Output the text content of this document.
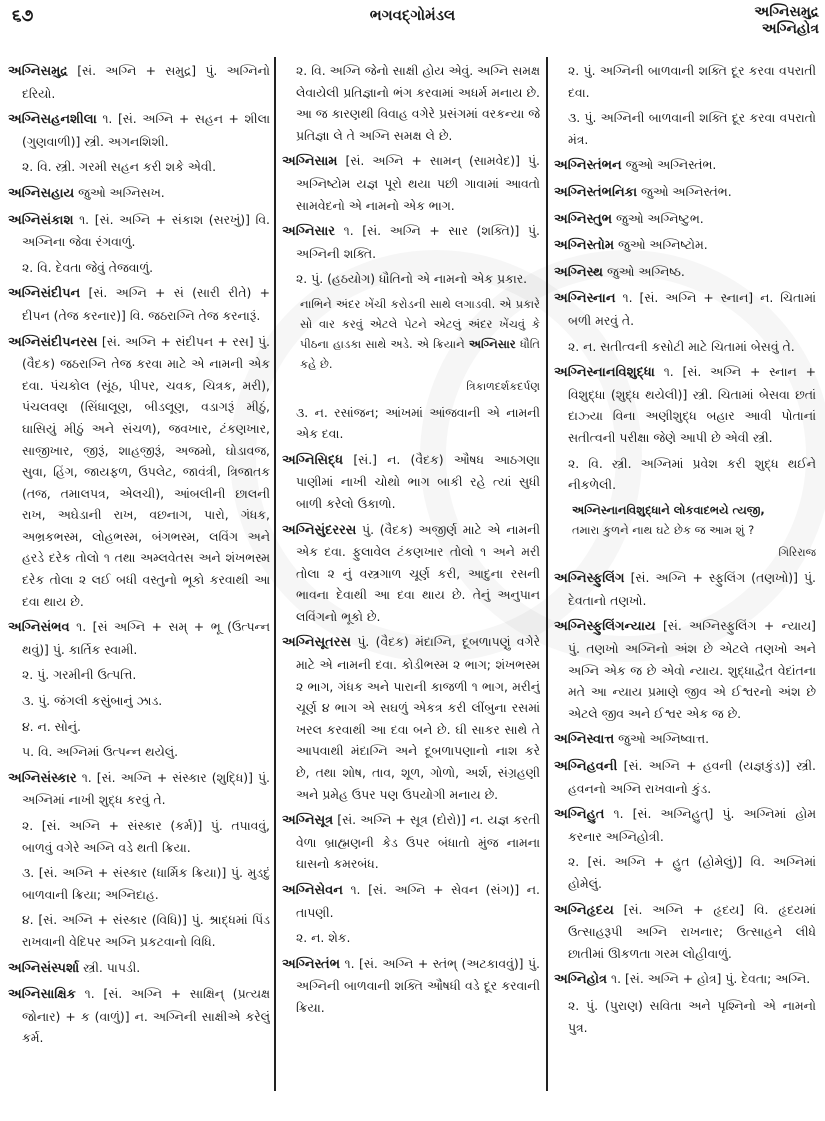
૬૭	ભગવદ્ગોમંડલ	અગ્નિસમુદ્ર
અગ્નિહોત્ર
અગ્નિસમુદ્ર [સં. અગ્નિ + સમુદ્ર] પું. અગ્નિનો દરિયો.
અગ્નિસહનશીલા ૧. [સં. અગ્નિ + સહન + શીલા (ગુણવાળી)] સ્ત્રી. અગનશિશી.
૨. વિ. સ્ત્રી. ગરમી સહન કરી શકે એવી.
અગ્નિસહાય જુઓ અગ્નિસખ.
અગ્નિસંકાશ ૧. [સં. અગ્નિ + સંકાશ (સરખું)] વિ. અગ્નિના જેવા રંગવાળું.
૨. વિ. દેવતા જેવું તેજવાળું.
અગ્નિસંદીપન [સં. અગ્નિ + સં (સારી રીતે) + દીપન (તેજ કરનાર)] વિ. જઠરાગ્નિ તેજ કરનારૂં.
અગ્નિસંદીપનરસ [સં. અગ્નિ + સંદીપન + રસ] પું. (વૈદક) જઠરાગ્નિ તેજ કરવા માટે એ નામની એક દવા. પંચકોલ (સૂંઠ, પીપર, ચવક, ચિત્રક, મરી), પંચલવણ (સિંધાલૂણ, બીડલૂણ, વડાગરૂં મીઠું, ઘાસિયું મીઠું અને સંચળ), જવખાર, ટંકણખાર, સાજીખાર, જીરૂં, શાહજીરૂં, અજમો, ઘોડાવજ, સુવા, હિંગ, જાયફળ, ઉપલેટ, જાવંત્રી, ત્રિજાતક (તજ, તમાલપત્ર, એલચી), આંબલીની છાલની રાખ, અઘેડાની રાખ, વછનાગ, પારો, ગંધક, અભ્રકભસ્મ, લોહભસ્મ, બંગભસ્મ, લવિંગ અને હરડે દરેક તોલો ૧ તથા અમ્લવેતસ અને શંખભસ્મ દરેક તોલા ૨ લઈ બધી વસ્તુનો ભૂકો કરવાથી આ દવા થાય છે.
અગ્નિસંભવ ૧. [સં અગ્નિ + સમ્ + ભૂ (ઉત્પન્ન થવું)] પું. કાર્તિક સ્વામી.
૨. પું. ગરમીની ઉત્પત્તિ.
૩. પું. જંગલી કસુંબાનું ઝાડ.
૪. ન. સોનું.
૫. વિ. અગ્નિમાં ઉત્પન્ન થયેલું.
અગ્નિસંસ્કાર ૧. [સં. અગ્નિ + સંસ્કાર (શુદ્ધિ)] પું. અગ્નિમાં નાખી શુદ્ધ કરવું તે.
૨. [સં. અગ્નિ + સંસ્કાર (કર્મ)] પું. તપાવવું, બાળવું વગેરે અગ્નિ વડે થતી ક્રિયા.
૩. [સં. અગ્નિ + સંસ્કાર (ધાર્મિક ક્રિયા)] પું. મુડદું બાળવાની ક્રિયા; અગ્નિદાહ.
૪. [સં. અગ્નિ + સંસ્કાર (વિધિ)] પું. શ્રાદ્ધમાં પિંડ રાખવાની વેદિપર અગ્નિ પ્રકટવાનો વિધિ.
અગ્નિસંસ્પર્શા સ્ત્રી. પાપડી.
અગ્નિસાક્ષિક ૧. [સં. અગ્નિ + સાક્ષિન્ (પ્રત્યક્ષ જોનાર) + ક (વાળું)] ન. અગ્નિની સાક્ષીએ કરેલું કર્મ.
૨. વિ. અગ્નિ જેનો સાક્ષી હોય એવું. અગ્નિ સમક્ષ લેવાયેલી પ્રતિજ્ઞાનો ભંગ કરવામાં અધર્મ મનાય છે. આ જ કારણથી વિવાહ વગેરે પ્રસંગમાં વરકન્યા જે પ્રતિજ્ઞા લે તે અગ્નિ સમક્ષ લે છે.
અગ્નિસામ [સં. અગ્નિ + સામન્ (સામવેદ)] પું. અગ્નિષ્ટોમ યજ્ઞ પૂરો થયા પછી ગાવામાં આવતો સામવેદનો એ નામનો એક ભાગ.
અગ્નિસાર ૧. [સં. અગ્નિ + સાર (શક્તિ)] પું. અગ્નિની શક્તિ.
૨. પું. (હઠયોગ) ધૌતિનો એ નામનો એક પ્રકાર.
નાભિને અંદર ખેંચી કરોડની સાથે લગાડવી. એ પ્રકારે સો વાર કરવું એટલે પેટને એટલું અંદર ખેંચવું કે પીઠના હાડકા સાથે અડે. એ ક્રિયાને અગ્નિસાર ધૌતિ કહે છે.
ત્રિકાળદર્શકદર્પણ
૩. ન. રસાંજન; આંખમાં આંજવાની એ નામની એક દવા.
અગ્નિસિદ્ધ [સં.] ન. (વૈદક) ઔષધ આઠગણા પાણીમાં નાખી ચોથો ભાગ બાકી રહે ત્યાં સુધી બાળી કરેલો ઉકાળો.
અગ્નિસુંદરરસ પું. (વૈદક) અજીર્ણ માટે એ નામની એક દવા. ફુલાવેલ ટંકણખાર તોલો ૧ અને મરી તોલા ૨ નું વસ્ત્રગાળ ચૂર્ણ કરી, આદુના રસની ભાવના દેવાથી આ દવા થાય છે. તેનું અનુપાન લવિંગનો ભૂકો છે.
અગ્નિસૂતરસ પું. (વૈદક) મંદાગ્નિ, દૂબળાપણું વગેરે માટે એ નામની દવા. કોડીભસ્મ ૨ ભાગ; શંખભસ્મ ૨ ભાગ, ગંધક અને પારાની કાજળી ૧ ભાગ, મરીનું ચૂર્ણ ૪ ભાગ એ સઘળું એકત્ર કરી લીંબુના રસમાં ખરલ કરવાથી આ દવા બને છે. ઘી સાકર સાથે તે આપવાથી મંદાગ્નિ અને દૂબળાપણાનો નાશ કરે છે, તથા શોષ, તાવ, શૂળ, ગોળો, અર્શ, સંગ્રહણી અને પ્રમેહ ઉપર પણ ઉપયોગી મનાય છે.
અગ્નિસૂત્ર [સં. અગ્નિ + સૂત્ર (દોરો)] ન. યજ્ઞ કરતી વેળા બ્રાહ્મણની કેડ ઉપર બંધાતો મુંજ નામના ઘાસનો કમરબંધ.
અગ્નિસેવન ૧. [સં. અગ્નિ + સેવન (સંગ)] ન. તાપણી.
૨. ન. શેક.
અગ્નિસ્તંભ ૧. [સં. અગ્નિ + સ્તંભ્ (અટકાવવું)] પું. અગ્નિની બાળવાની શક્તિ ઔષધી વડે દૂર કરવાની ક્રિયા.
૨. પું. અગ્નિની બાળવાની શક્તિ દૂર કરવા વપરાતી દવા.
૩. પું. અગ્નિની બાળવાની શક્તિ દૂર કરવા વપરાતો મંત્ર.
અગ્નિસ્તંભન જુઓ અગ્નિસ્તંભ.
અગ્નિસ્તંભનિકા જુઓ અગ્નિસ્તંભ.
અગ્નિસ્તુભ જુઓ અગ્નિષ્ટુભ.
અગ્નિસ્તોમ જુઓ અગ્નિષ્ટોમ.
અગ્નિસ્થ જુઓ અગ્નિષ્ઠ.
અગ્નિસ્નાન ૧. [સં. અગ્નિ + સ્નાન] ન. ચિતામાં બળી મરવું તે.
૨. ન. સતીત્વની કસોટી માટે ચિતામાં બેસવું તે.
અગ્નિસ્નાનવિશુદ્ધા ૧. [સં. અગ્નિ + સ્નાન + વિશુદ્ધા (શુદ્ધ થયેલી)] સ્ત્રી. ચિતામાં બેસવા છતાં દાઝ્યા વિના અણીશુદ્ધ બહાર આવી પોતાનાં સતીત્વની પરીક્ષા જેણે આપી છે એવી સ્ત્રી.
૨. વિ. સ્ત્રી. અગ્નિમાં પ્રવેશ કરી શુદ્ધ થઈને નીકળેલી.
અગ્નિસ્નાનવિશુદ્ધાને લોકવાદભયે ત્યજી,
તમારા કુળને નાથ ઘટે છેક જ આમ શું ?
ગિરિરાજ
અગ્નિસ્ફુલિંગ [સં. અગ્નિ + સ્ફુલિંગ (તણખો)] પું. દેવતાનો તણખો.
અગ્નિસ્ફુલિંગન્યાય [સં. અગ્નિસ્ફુલિંગ + ન્યાય] પું. તણખો અગ્નિનો અંશ છે એટલે તણખો અને અગ્નિ એક જ છે એવો ન્યાય. શુદ્ધાદ્વૈત વેદાંતના મતે આ ન્યાય પ્રમાણે જીવ એ ઈશ્વરનો અંશ છે એટલે જીવ અને ઈશ્વર એક જ છે.
અગ્નિસ્વાત્ત જુઓ અગ્નિષ્વાત્ત.
અગ્નિહવની [સં. અગ્નિ + હવની (યજ્ઞકુંડ)] સ્ત્રી. હવનનો અગ્નિ રાખવાનો કુંડ.
અગ્નિહુત ૧. [સં. અગ્નિહુત્] પું. અગ્નિમાં હોમ કરનાર અગ્નિહોત્રી.
૨. [સં. અગ્નિ + હુત (હોમેલું)] વિ. અગ્નિમાં હોમેલું.
અગ્નિહૃદય [સં. અગ્નિ + હૃદય] વિ. હૃદયમાં ઉત્સાહરૂપી અગ્નિ રાખનાર; ઉત્સાહને લીધે છાતીમાં ઊકળતા ગરમ લોહીવાળું.
અગ્નિહોત્ર ૧. [સં. અગ્નિ + હોત્ર] પું. દેવતા; અગ્નિ.
૨. પું. (પુરાણ) સવિતા અને પૃશ્નિનો એ નામનો પુત્ર.
